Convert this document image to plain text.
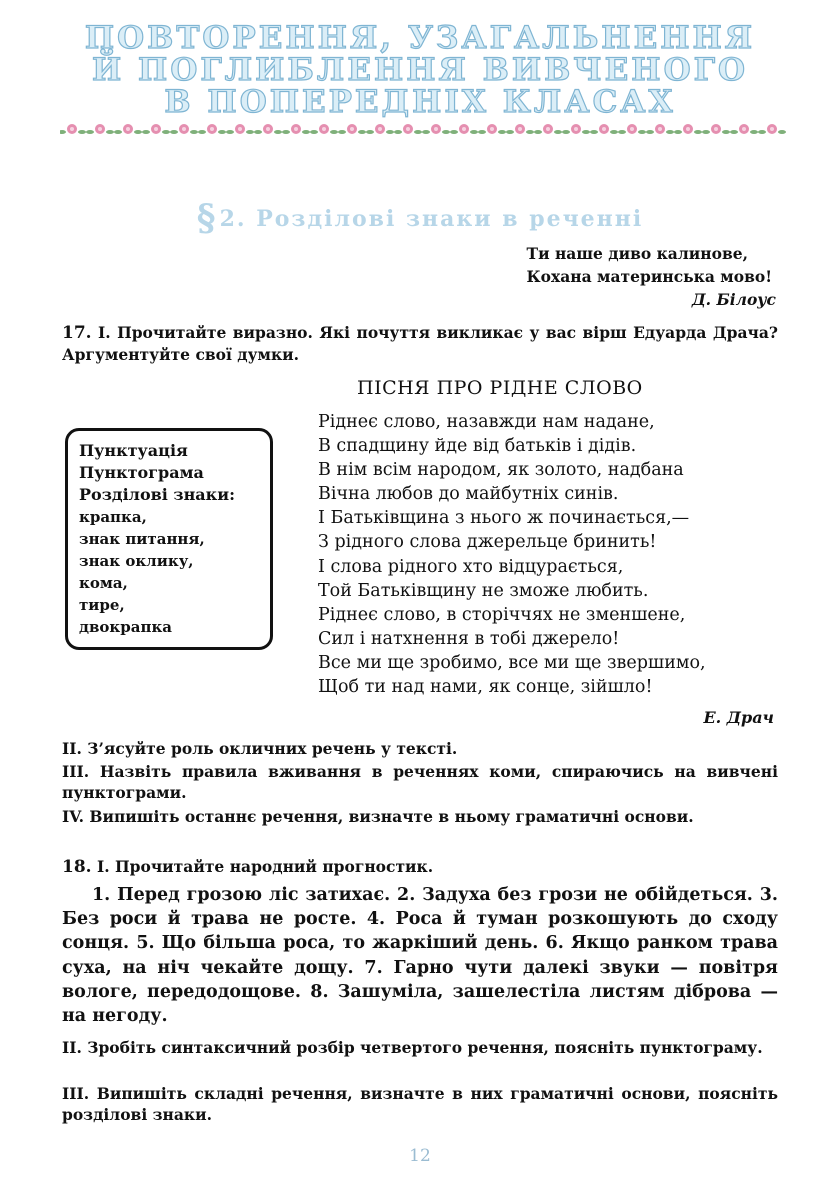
ПОВТОРЕННЯ, УЗАГАЛЬНЕННЯ
Й ПОГЛИБЛЕННЯ ВИВЧЕНОГО
В ПОПЕРЕДНІХ КЛАСАХ
§2. Розділові знаки в реченні
Ти наше диво калинове,
Кохана материнська мово!
Д. Білоус
17. І. Прочитайте виразно. Які почуття викликає у вас вірш Едуарда Драча? Аргументуйте свої думки.
ПІСНЯ ПРО РІДНЕ СЛОВО
Пунктуація
Пунктограма
Розділові знаки:
крапка,
знак питання,
знак оклику,
кома,
тире,
двокрапка
Ріднеє слово, назавжди нам надане,
В спадщину йде від батьків і дідів.
В нім всім народом, як золото, надбана
Вічна любов до майбутніх синів.
І Батьківщина з нього ж починається,—
З рідного слова джерельце бринить!
І слова рідного хто відцурається,
Той Батьківщину не зможе любить.
Ріднеє слово, в сторіччях не зменшене,
Сил і натхнення в тобі джерело!
Все ми ще зробимо, все ми ще звершимо,
Щоб ти над нами, як сонце, зійшло!
Е. Драч
ІІ. З’ясуйте роль окличних речень у тексті.
ІІІ. Назвіть правила вживання в реченнях коми, спираючись на вивчені пунктограми.
IV. Випишіть останнє речення, визначте в ньому граматичні основи.
18. І. Прочитайте народний прогностик.
1. Перед грозою ліс затихає. 2. Задуха без грози не обійдеться. 3. Без роси й трава не росте. 4. Роса й туман розкошують до сходу сонця. 5. Що більша роса, то жаркіший день. 6. Якщо ранком трава суха, на ніч чекайте дощу. 7. Гарно чути далекі звуки — повітря вологе, передодощове. 8. Зашуміла, зашелестіла листям діброва — на негоду.
ІІ. Зробіть синтаксичний розбір четвертого речення, поясніть пунктограму.
ІІІ. Випишіть складні речення, визначте в них граматичні основи, поясніть розділові знаки.
12
